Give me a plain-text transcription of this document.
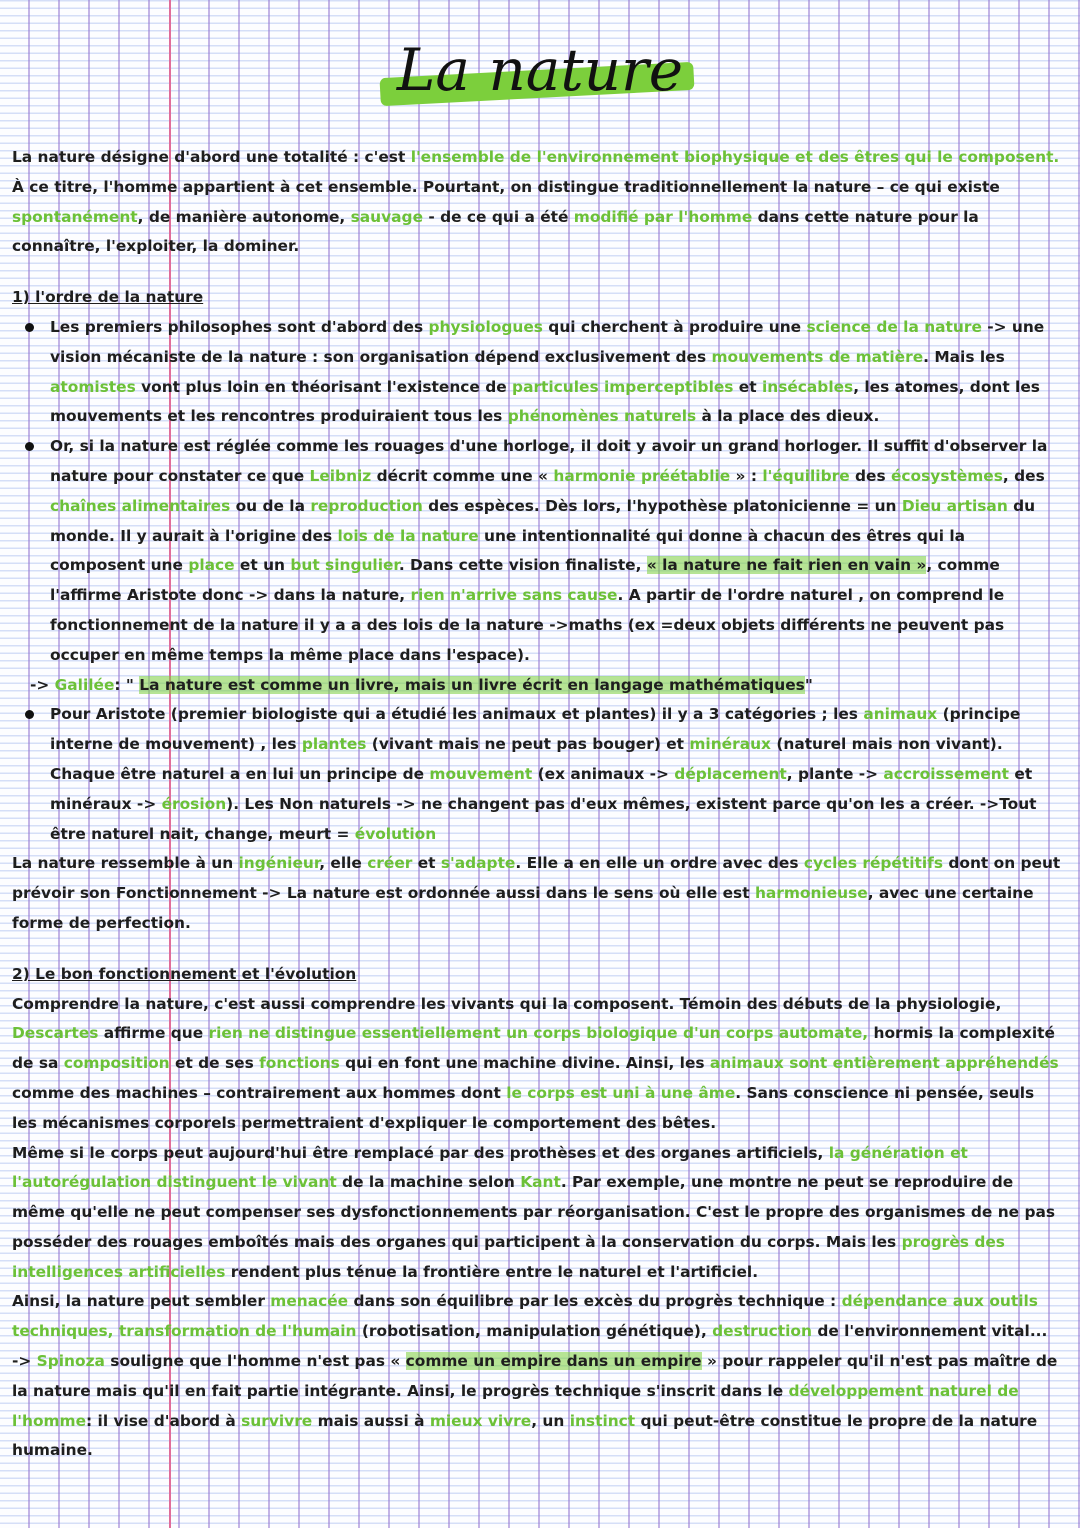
La nature

La nature désigne d'abord une totalité : c'est l'ensemble de l'environnement biophysique et des êtres qui le composent. À ce titre, l'homme appartient à cet ensemble. Pourtant, on distingue traditionnellement la nature – ce qui existe spontanément, de manière autonome, sauvage - de ce qui a été modifié par l'homme dans cette nature pour la connaître, l'exploiter, la dominer.

1) l'ordre de la nature

Les premiers philosophes sont d'abord des physiologues qui cherchent à produire une science de la nature -> une vision mécaniste de la nature : son organisation dépend exclusivement des mouvements de matière. Mais les atomistes vont plus loin en théorisant l'existence de particules imperceptibles et insécables, les atomes, dont les mouvements et les rencontres produiraient tous les phénomènes naturels à la place des dieux.

Or, si la nature est réglée comme les rouages d'une horloge, il doit y avoir un grand horloger. Il suffit d'observer la nature pour constater ce que Leibniz décrit comme une « harmonie préétablie » : l'équilibre des écosystèmes, des chaînes alimentaires ou de la reproduction des espèces. Dès lors, l'hypothèse platonicienne = un Dieu artisan du monde. Il y aurait à l'origine des lois de la nature une intentionnalité qui donne à chacun des êtres qui la composent une place et un but singulier. Dans cette vision finaliste, « la nature ne fait rien en vain », comme l'affirme Aristote donc -> dans la nature, rien n'arrive sans cause. A partir de l'ordre naturel , on comprend le fonctionnement de la nature il y a a des lois de la nature ->maths (ex =deux objets différents ne peuvent pas occuper en même temps la même place dans l'espace).

-> Galilée: " La nature est comme un livre, mais un livre écrit en langage mathématiques"

Pour Aristote (premier biologiste qui a étudié les animaux et plantes) il y a 3 catégories ; les animaux (principe interne de mouvement) , les plantes (vivant mais ne peut pas bouger) et minéraux (naturel mais non vivant). Chaque être naturel a en lui un principe de mouvement (ex animaux -> déplacement, plante -> accroissement et minéraux -> érosion). Les Non naturels -> ne changent pas d'eux mêmes, existent parce qu'on les a créer. ->Tout être naturel nait, change, meurt = évolution

La nature ressemble à un ingénieur, elle créer et s'adapte. Elle a en elle un ordre avec des cycles répétitifs dont on peut prévoir son Fonctionnement -> La nature est ordonnée aussi dans le sens où elle est harmonieuse, avec une certaine forme de perfection.

2) Le bon fonctionnement et l'évolution

Comprendre la nature, c'est aussi comprendre les vivants qui la composent. Témoin des débuts de la physiologie, Descartes affirme que rien ne distingue essentiellement un corps biologique d'un corps automate, hormis la complexité de sa composition et de ses fonctions qui en font une machine divine. Ainsi, les animaux sont entièrement appréhendés comme des machines – contrairement aux hommes dont le corps est uni à une âme. Sans conscience ni pensée, seuls les mécanismes corporels permettraient d'expliquer le comportement des bêtes.

Même si le corps peut aujourd'hui être remplacé par des prothèses et des organes artificiels, la génération et l'autorégulation distinguent le vivant de la machine selon Kant. Par exemple, une montre ne peut se reproduire de même qu'elle ne peut compenser ses dysfonctionnements par réorganisation. C'est le propre des organismes de ne pas posséder des rouages emboîtés mais des organes qui participent à la conservation du corps. Mais les progrès des intelligences artificielles rendent plus ténue la frontière entre le naturel et l'artificiel.

Ainsi, la nature peut sembler menacée dans son équilibre par les excès du progrès technique : dépendance aux outils techniques, transformation de l'humain (robotisation, manipulation génétique), destruction de l'environnement vital...

-> Spinoza souligne que l'homme n'est pas « comme un empire dans un empire » pour rappeler qu'il n'est pas maître de la nature mais qu'il en fait partie intégrante. Ainsi, le progrès technique s'inscrit dans le développement naturel de l'homme: il vise d'abord à survivre mais aussi à mieux vivre, un instinct qui peut-être constitue le propre de la nature humaine.
